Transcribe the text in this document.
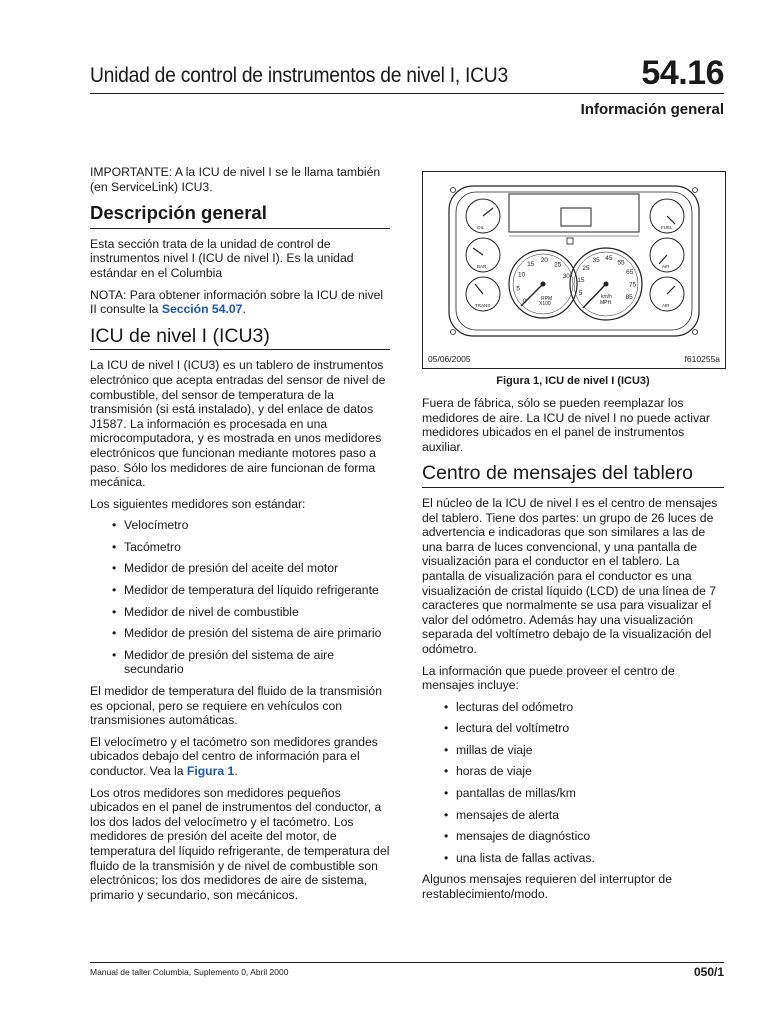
Unidad de control de instrumentos de nivel I, ICU3	54.16
Información general

IMPORTANTE: A la ICU de nivel I se le llama también (en ServiceLink) ICU3.

Descripción general

Esta sección trata de la unidad de control de instrumentos nivel I (ICU de nivel I). Es la unidad estándar en el Columbia

NOTA: Para obtener información sobre la ICU de nivel II consulte la Sección 54.07.

ICU de nivel I (ICU3)

La ICU de nivel I (ICU3) es un tablero de instrumentos electrónico que acepta entradas del sensor de nivel de combustible, del sensor de temperatura de la transmisión (si está instalado), y del enlace de datos J1587. La información es procesada en una microcomputadora, y es mostrada en unos medidores electrónicos que funcionan mediante motores paso a paso. Sólo los medidores de aire funcionan de forma mecánica.

Los siguientes medidores son estándar:

• Velocímetro
• Tacómetro
• Medidor de presión del aceite del motor
• Medidor de temperatura del líquido refrigerante
• Medidor de nivel de combustible
• Medidor de presión del sistema de aire primario
• Medidor de presión del sistema de aire secundario

El medidor de temperatura del fluido de la transmisión es opcional, pero se requiere en vehículos con transmisiones automáticas.

El velocímetro y el tacómetro son medidores grandes ubicados debajo del centro de información para el conductor. Vea la Figura 1.

Los otros medidores son medidores pequeños ubicados en el panel de instrumentos del conductor, a los dos lados del velocímetro y el tacómetro. Los medidores de presión del aceite del motor, de temperatura del líquido refrigerante, de temperatura del fluido de la transmisión y de nivel de combustible son electrónicos; los dos medidores de aire de sistema, primario y secundario, son mecánicos.

0
5
10
15
20
25
30
RPM
X100
5
15
25
35 45
55
65
75
85
km/h
MPH
OIL
BAR
TRANS
FUEL
AIR
AIR
05/06/2005	f610255a
Figura 1, ICU de nivel I (ICU3)

Fuera de fábrica, sólo se pueden reemplazar los medidores de aire. La ICU de nivel I no puede activar medidores ubicados en el panel de instrumentos auxiliar.

Centro de mensajes del tablero

El núcleo de la ICU de nivel I es el centro de mensajes del tablero. Tiene dos partes: un grupo de 26 luces de advertencia e indicadoras que son similares a las de una barra de luces convencional, y una pantalla de visualización para el conductor en el tablero. La pantalla de visualización para el conductor es una visualización de cristal líquido (LCD) de una línea de 7 caracteres que normalmente se usa para visualizar el valor del odómetro. Además hay una visualización separada del voltímetro debajo de la visualización del odómetro.

La información que puede proveer el centro de mensajes incluye:

• lecturas del odómetro
• lectura del voltímetro
• millas de viaje
• horas de viaje
• pantallas de millas/km
• mensajes de alerta
• mensajes de diagnóstico
• una lista de fallas activas.

Algunos mensajes requieren del interruptor de restablecimiento/modo.

Manual de taller Columbia, Suplemento 0, Abril 2000	050/1
